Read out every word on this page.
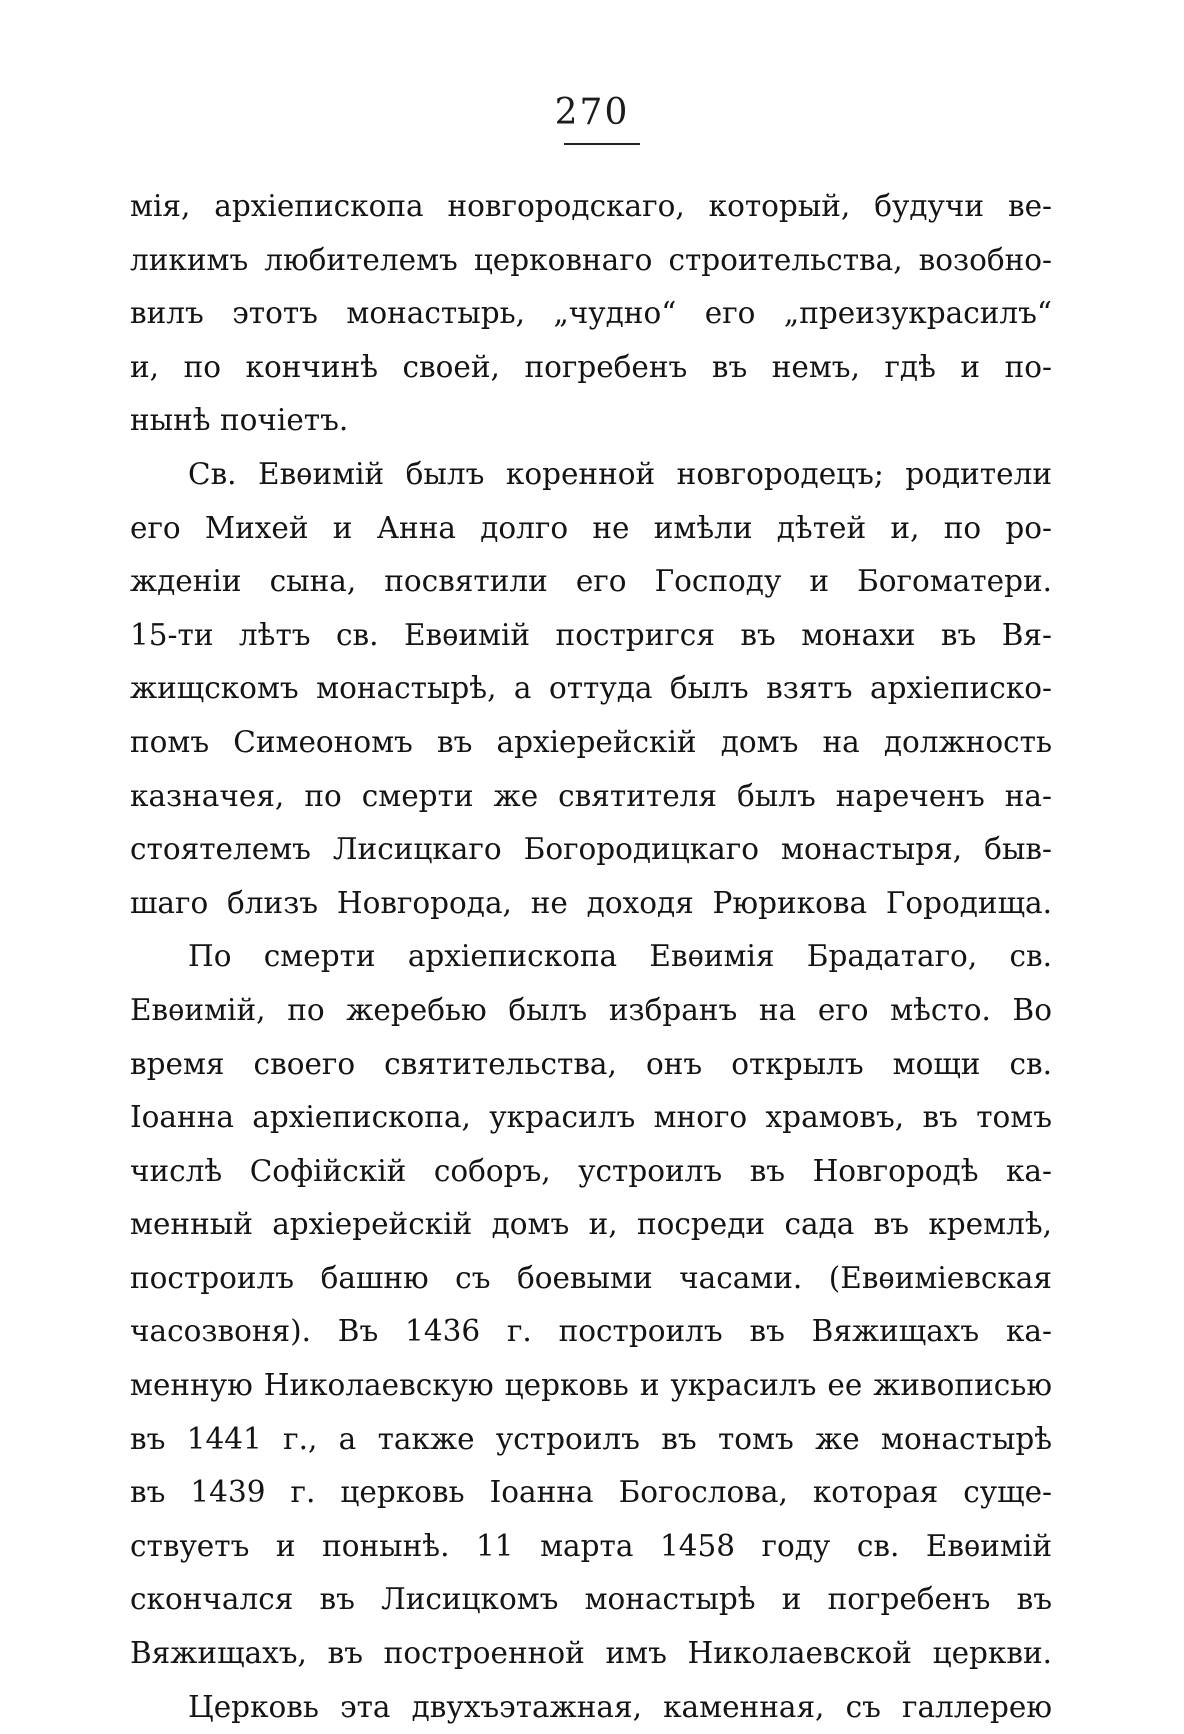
270
мія, архіепископа новгородскаго, который, будучи ве-
ликимъ любителемъ церковнаго строительства, возобно-
вилъ этотъ монастырь, „чудно“ его „преизукрасилъ“
и, по кончинѣ своей, погребенъ въ немъ, гдѣ и по-
нынѣ почіетъ.
Св. Евѳимій былъ коренной новгородецъ; родители
его Михей и Анна долго не имѣли дѣтей и, по ро-
жденіи сына, посвятили его Господу и Богоматери.
15-ти лѣтъ св. Евѳимій постригся въ монахи въ Вя-
жищскомъ монастырѣ, а оттуда былъ взятъ архіеписко-
помъ Симеономъ въ архіерейскій домъ на должность
казначея, по смерти же святителя былъ нареченъ на-
стоятелемъ Лисицкаго Богородицкаго монастыря, быв-
шаго близъ Новгорода, не доходя Рюрикова Городища.
По смерти архіепископа Евѳимія Брадатаго, св.
Евѳимій, по жеребью былъ избранъ на его мѣсто. Во
время своего святительства, онъ открылъ мощи св.
Іоанна архіепископа, украсилъ много храмовъ, въ томъ
числѣ Софійскій соборъ, устроилъ въ Новгородѣ ка-
менный архіерейскій домъ и, посреди сада въ кремлѣ,
построилъ башню съ боевыми часами. (Евѳиміевская
часозвоня). Въ 1436 г. построилъ въ Вяжищахъ ка-
менную Николаевскую церковь и украсилъ ее живописью
въ 1441 г., а также устроилъ въ томъ же монастырѣ
въ 1439 г. церковь Іоанна Богослова, которая суще-
ствуетъ и понынѣ. 11 марта 1458 году св. Евѳимій
скончался въ Лисицкомъ монастырѣ и погребенъ въ
Вяжищахъ, въ построенной имъ Николаевской церкви.
Церковь эта двухъэтажная, каменная, съ галлерею
